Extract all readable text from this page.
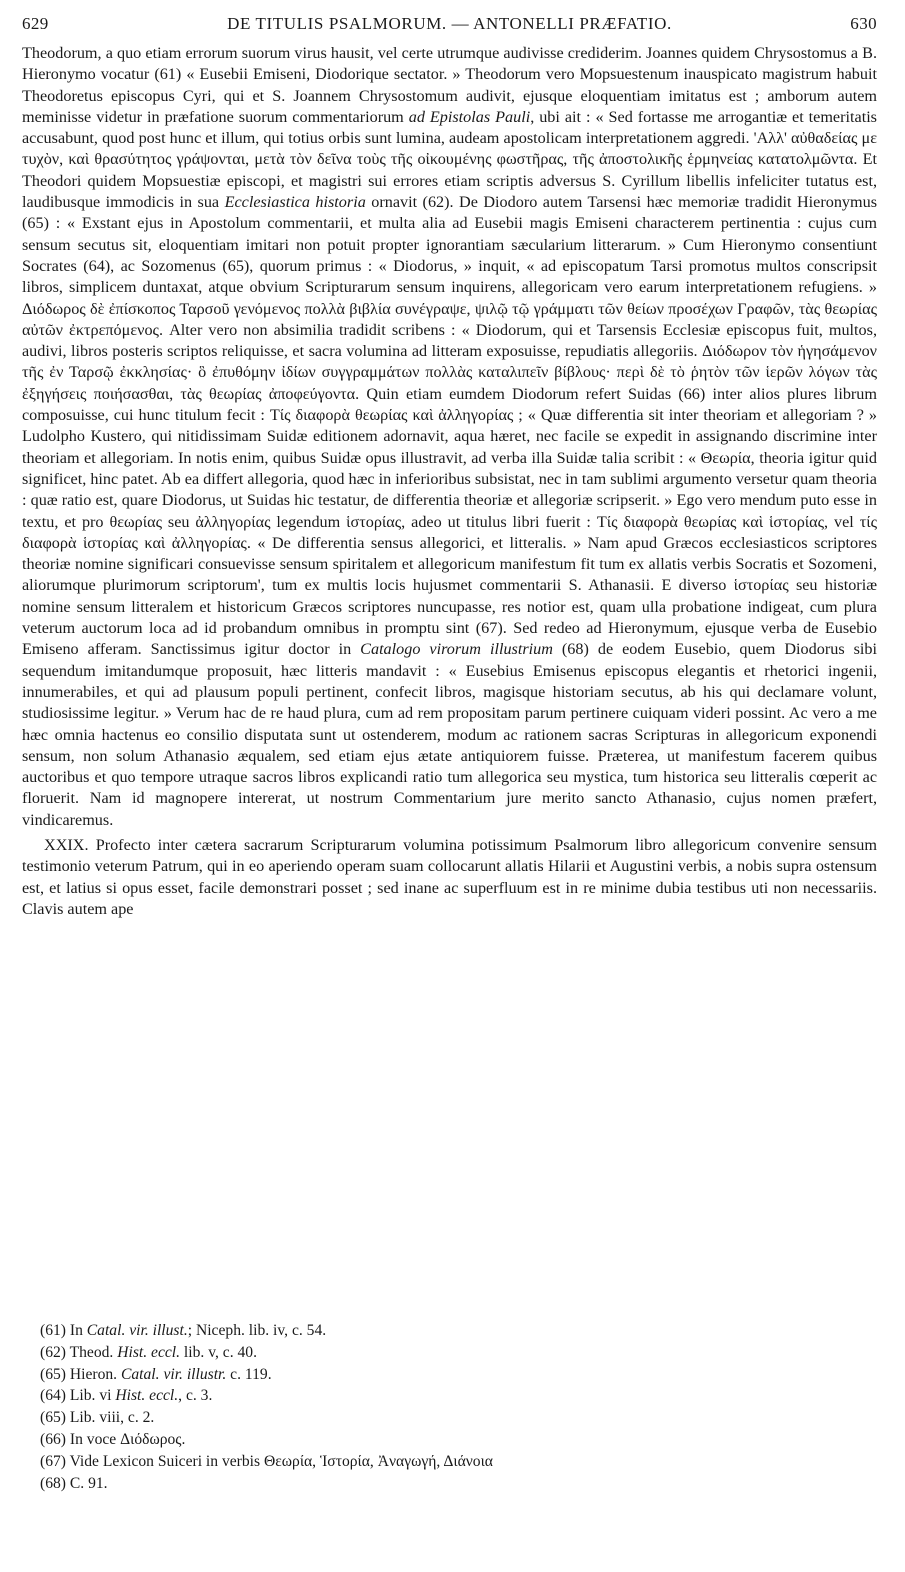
629	DE TITULIS PSALMORUM. — ANTONELLI PRÆFATIO.	630

Theodorum, a quo etiam errorum suorum virus hausit, vel certe utrumque audivisse crediderim. Joannes quidem Chrysostomus a B. Hieronymo vocatur (61) « Eusebii Emiseni, Diodorique sectator. » Theodorum vero Mopsuestenum inauspicato magistrum habuit Theodoretus episcopus Cyri, qui et S. Joannem Chrysostomum audivit, ejusque eloquentiam imitatus est ; amborum autem meminisse videtur in præfatione suorum commentariorum ad Epistolas Pauli, ubi ait : « Sed fortasse me arrogantiæ et temeritatis accusabunt, quod post hunc et illum, qui totius orbis sunt lumina, audeam apostolicam interpretationem aggredi. 'Αλλ' αὐθαδείας με τυχὸν, καὶ θρασύτητος γράψονται, μετὰ τὸν δεῖνα τοὺς τῆς οἰκουμένης φωστῆρας, τῆς ἀποστολικῆς ἑρμηνείας κατατολμῶντα. Et Theodori quidem Mopsuestiæ episcopi, et magistri sui errores etiam scriptis adversus S. Cyrillum libellis infeliciter tutatus est, laudibusque immodicis in sua Ecclesiastica historia ornavit (62). De Diodoro autem Tarsensi hæc memoriæ tradidit Hieronymus (65) : « Exstant ejus in Apostolum commentarii, et multa alia ad Eusebii magis Emiseni characterem pertinentia : cujus cum sensum secutus sit, eloquentiam imitari non potuit propter ignorantiam sæcularium litterarum. » Cum Hieronymo consentiunt Socrates (64), ac Sozomenus (65), quorum primus : « Diodorus, » inquit, « ad episcopatum Tarsi promotus multos conscripsit libros, simplicem duntaxat, atque obvium Scripturarum sensum inquirens, allegoricam vero earum interpretationem refugiens. » Διόδωρος δὲ ἐπίσκοπος Ταρσοῦ γενόμενος πολλὰ βιβλία συνέγραψε, ψιλῷ τῷ γράμματι τῶν θείων προσέχων Γραφῶν, τὰς θεωρίας αὐτῶν ἐκτρεπόμενος. Alter vero non absimilia tradidit scribens : « Diodorum, qui et Tarsensis Ecclesiæ episcopus fuit, multos, audivi, libros posteris scriptos reliquisse, et sacra volumina ad litteram exposuisse, repudiatis allegoriis. Διόδωρον τὸν ἡγησάμενον τῆς ἐν Ταρσῷ ἐκκλησίας· ὃ ἐπυθόμην ἰδίων συγγραμμάτων πολλὰς καταλιπεῖν βίβλους· περὶ δὲ τὸ ῥητὸν τῶν ἱερῶν λόγων τὰς ἐξηγήσεις ποιήσασθαι, τὰς θεωρίας ἀποφεύγοντα. Quin etiam eumdem Diodorum refert Suidas (66) inter alios plures librum composuisse, cui hunc titulum fecit : Τίς διαφορὰ θεωρίας καὶ ἀλληγορίας ; « Quæ differentia sit inter theoriam et allegoriam ? » Ludolpho Kustero, qui nitidissimam Suidæ editionem adornavit, aqua hæret, nec facile se expedit in assignando discrimine inter theoriam et allegoriam. In notis enim, quibus Suidæ opus illustravit, ad verba illa Suidæ talia scribit : « Θεωρία, theoria igitur quid significet, hinc patet. Ab ea differt allegoria, quod hæc in inferioribus subsistat, nec in tam sublimi argumento versetur quam theoria : quæ ratio est, quare Diodorus, ut Suidas hic testatur, de differentia theoriæ et allegoriæ scripserit. » Ego vero mendum puto esse in textu, et pro θεωρίας seu ἀλληγορίας legendum ἱστορίας, adeo ut titulus libri fuerit : Τίς διαφορὰ θεωρίας καὶ ἱστορίας, vel τίς διαφορὰ ἱστορίας καὶ ἀλληγορίας. « De differentia sensus allegorici, et litteralis. » Nam apud Græcos ecclesiasticos scriptores theoriæ nomine significari consuevisse sensum spiritalem et allegoricum manifestum fit tum ex allatis verbis Socratis et Sozomeni, aliorumque plurimorum scriptorum', tum ex multis locis hujusmet commentarii S. Athanasii. E diverso ἱστορίας seu historiæ nomine sensum litteralem et historicum Græcos scriptores nuncupasse, res notior est, quam ulla probatione indigeat, cum plura veterum auctorum loca ad id probandum omnibus in promptu sint (67). Sed redeo ad Hieronymum, ejusque verba de Eusebio Emiseno afferam. Sanctissimus igitur doctor in Catalogo virorum illustrium (68) de eodem Eusebio, quem Diodorus sibi sequendum imitandumque proposuit, hæc litteris mandavit : « Eusebius Emisenus episcopus elegantis et rhetorici ingenii, innumerabiles, et qui ad plausum populi pertinent, confecit libros, magisque historiam secutus, ab his qui declamare volunt, studiosissime legitur. » Verum hac de re haud plura, cum ad rem propositam parum pertinere cuiquam videri possint. Ac vero a me hæc omnia hactenus eo consilio disputata sunt ut ostenderem, modum ac rationem sacras Scripturas in allegoricum exponendi sensum, non solum Athanasio æqualem, sed etiam ejus ætate antiquiorem fuisse. Præterea, ut manifestum facerem quibus auctoribus et quo tempore utraque sacros libros explicandi ratio tum allegorica seu mystica, tum historica seu litteralis cœperit ac floruerit. Nam id magnopere intererat, ut nostrum Commentarium jure merito sancto Athanasio, cujus nomen præfert, vindicaremus.

XXIX. Profecto inter cætera sacrarum Scripturarum volumina potissimum Psalmorum libro allegoricum convenire sensum testimonio veterum Patrum, qui in eo aperiendo operam suam collocarunt allatis Hilarii et Augustini verbis, a nobis supra ostensum est, et latius si opus esset, facile demonstrari posset ; sed inane ac superfluum est in re minime dubia testibus uti non necessariis. Clavis autem ape

(61) In Catal. vir. illust.; Niceph. lib. iv, c. 54.
(62) Theod. Hist. eccl. lib. v, c. 40.
(65) Hieron. Catal. vir. illustr. c. 119.
(64) Lib. vi Hist. eccl., c. 3.
(65) Lib. viii, c. 2.
(66) In voce Διόδωρος.
(67) Vide Lexicon Suiceri in verbis Θεωρία, Ἱστορία, Ἀναγωγή, Διάνοια
(68) C. 91.
